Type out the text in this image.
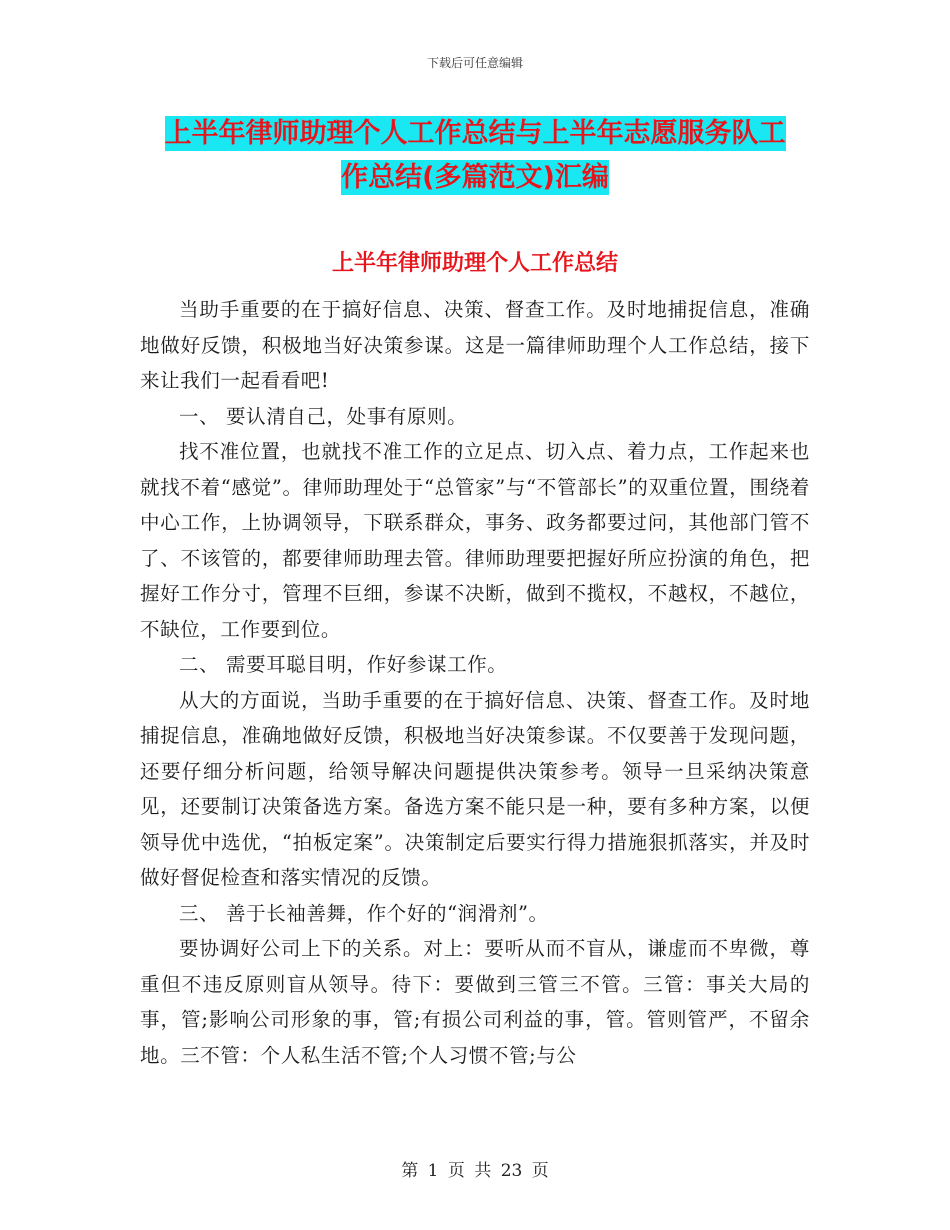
下载后可任意编辑
上半年律师助理个人工作总结与上半年志愿服务队工
作总结(多篇范文)汇编
上半年律师助理个人工作总结

当助手重要的在于搞好信息、决策、督查工作。及时地捕捉信息，准确地做好反馈，积极地当好决策参谋。这是一篇律师助理个人工作总结，接下来让我们一起看看吧!

一、 要认清自己，处事有原则。

找不准位置，也就找不准工作的立足点、切入点、着力点，工作起来也就找不着“感觉”。律师助理处于“总管家”与“不管部长”的双重位置，围绕着中心工作，上协调领导，下联系群众，事务、政务都要过问，其他部门管不了、不该管的，都要律师助理去管。律师助理要把握好所应扮演的角色，把握好工作分寸，管理不巨细，参谋不决断，做到不揽权，不越权，不越位，不缺位，工作要到位。

二、 需要耳聪目明，作好参谋工作。

从大的方面说，当助手重要的在于搞好信息、决策、督查工作。及时地捕捉信息，准确地做好反馈，积极地当好决策参谋。不仅要善于发现问题，还要仔细分析问题，给领导解决问题提供决策参考。领导一旦采纳决策意见，还要制订决策备选方案。备选方案不能只是一种，要有多种方案，以便领导优中选优，“拍板定案”。决策制定后要实行得力措施狠抓落实，并及时做好督促检查和落实情况的反馈。

三、 善于长袖善舞，作个好的“润滑剂”。

要协调好公司上下的关系。对上：要听从而不盲从，谦虚而不卑微，尊重但不违反原则盲从领导。待下：要做到三管三不管。三管：事关大局的事，管;影响公司形象的事，管;有损公司利益的事，管。管则管严，不留余地。三不管：个人私生活不管;个人习惯不管;与公

第 1 页 共 23 页
